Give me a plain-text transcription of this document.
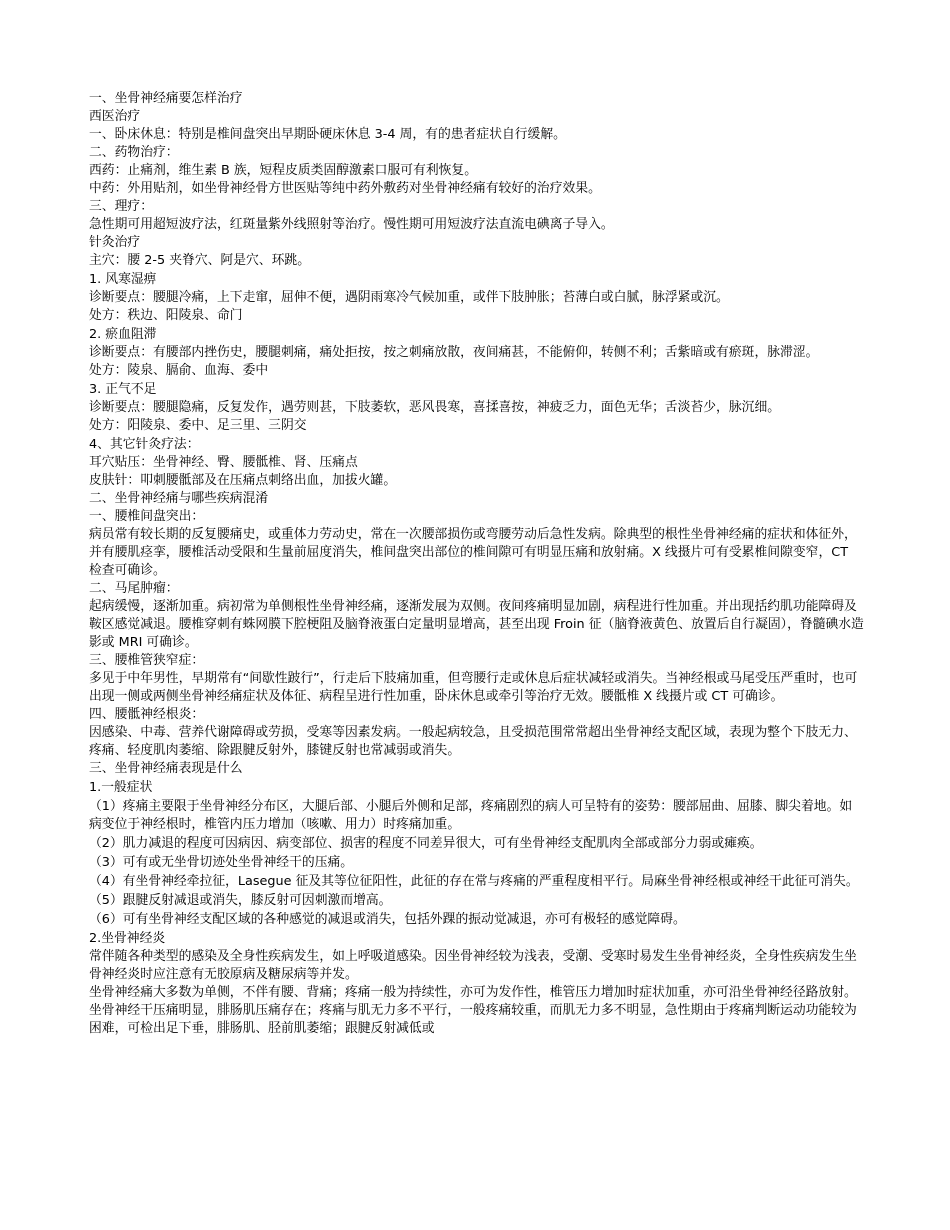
一、坐骨神经痛要怎样治疗

西医治疗

一、卧床休息：特别是椎间盘突出早期卧硬床休息 3-4 周，有的患者症状自行缓解。

二、药物治疗：

西药：止痛剂，维生素 B 族，短程皮质类固醇激素口服可有利恢复。

中药：外用贴剂，如坐骨神经骨方世医贴等纯中药外敷药对坐骨神经痛有较好的治疗效果。

三、理疗：

急性期可用超短波疗法，红斑量紫外线照射等治疗。慢性期可用短波疗法直流电碘离子导入。

针灸治疗

主穴：腰 2-5 夹脊穴、阿是穴、环跳。

1. 风寒湿痹

诊断要点：腰腿冷痛，上下走窜，屈伸不便，遇阴雨寒冷气候加重，或伴下肢肿胀；苔薄白或白腻，脉浮紧或沉。

处方：秩边、阳陵泉、命门

2. 瘀血阻滞

诊断要点：有腰部内挫伤史，腰腿刺痛，痛处拒按，按之刺痛放散，夜间痛甚，不能俯仰，转侧不利；舌紫暗或有瘀斑，脉滞涩。

处方：陵泉、膈俞、血海、委中

3. 正气不足

诊断要点：腰腿隐痛，反复发作，遇劳则甚，下肢萎软，恶风畏寒，喜揉喜按，神疲乏力，面色无华；舌淡苔少，脉沉细。

处方：阳陵泉、委中、足三里、三阴交

4、其它针灸疗法：

耳穴贴压：坐骨神经、臀、腰骶椎、肾、压痛点

皮肤针：叩刺腰骶部及在压痛点刺络出血，加拔火罐。

二、坐骨神经痛与哪些疾病混淆

一、腰椎间盘突出：

病员常有较长期的反复腰痛史，或重体力劳动史，常在一次腰部损伤或弯腰劳动后急性发病。除典型的根性坐骨神经痛的症状和体征外，并有腰肌痉挛，腰椎活动受限和生量前屈度消失，椎间盘突出部位的椎间隙可有明显压痛和放射痛。X 线摄片可有受累椎间隙变窄，CT 检查可确诊。

二、马尾肿瘤：

起病缓慢，逐渐加重。病初常为单侧根性坐骨神经痛，逐渐发展为双侧。夜间疼痛明显加剧，病程进行性加重。并出现括约肌功能障碍及鞍区感觉减退。腰椎穿刺有蛛网膜下腔梗阻及脑脊液蛋白定量明显增高，甚至出现 Froin 征（脑脊液黄色、放置后自行凝固），脊髓碘水造影或 MRI 可确诊。

三、腰椎管狭窄症：

多见于中年男性，早期常有“间歇性跛行”，行走后下肢痛加重，但弯腰行走或休息后症状减轻或消失。当神经根或马尾受压严重时，也可出现一侧或两侧坐骨神经痛症状及体征、病程呈进行性加重，卧床休息或牵引等治疗无效。腰骶椎 X 线摄片或 CT 可确诊。

四、腰骶神经根炎：

因感染、中毒、营养代谢障碍或劳损，受寒等因素发病。一般起病较急，且受损范围常常超出坐骨神经支配区域，表现为整个下肢无力、疼痛、轻度肌肉萎缩、除跟腱反射外，膝键反射也常减弱或消失。

三、坐骨神经痛表现是什么

1.一般症状

（1）疼痛主要限于坐骨神经分布区，大腿后部、小腿后外侧和足部，疼痛剧烈的病人可呈特有的姿势：腰部屈曲、屈膝、脚尖着地。如病变位于神经根时，椎管内压力增加（咳嗽、用力）时疼痛加重。

（2）肌力减退的程度可因病因、病变部位、损害的程度不同差异很大，可有坐骨神经支配肌肉全部或部分力弱或瘫痪。

（3）可有或无坐骨切迹处坐骨神经干的压痛。

（4）有坐骨神经牵拉征，Lasegue 征及其等位征阳性，此征的存在常与疼痛的严重程度相平行。局麻坐骨神经根或神经干此征可消失。

（5）跟腱反射减退或消失，膝反射可因刺激而增高。

（6）可有坐骨神经支配区域的各种感觉的减退或消失，包括外踝的振动觉减退，亦可有极轻的感觉障碍。

2.坐骨神经炎

常伴随各种类型的感染及全身性疾病发生，如上呼吸道感染。因坐骨神经较为浅表，受潮、受寒时易发生坐骨神经炎，全身性疾病发生坐骨神经炎时应注意有无胶原病及糖尿病等并发。

坐骨神经痛大多数为单侧，不伴有腰、背痛；疼痛一般为持续性，亦可为发作性，椎管压力增加时症状加重，亦可沿坐骨神经径路放射。坐骨神经干压痛明显，腓肠肌压痛存在；疼痛与肌无力多不平行，一般疼痛较重，而肌无力多不明显，急性期由于疼痛判断运动功能较为困难，可检出足下垂，腓肠肌、胫前肌萎缩；跟腱反射减低或
